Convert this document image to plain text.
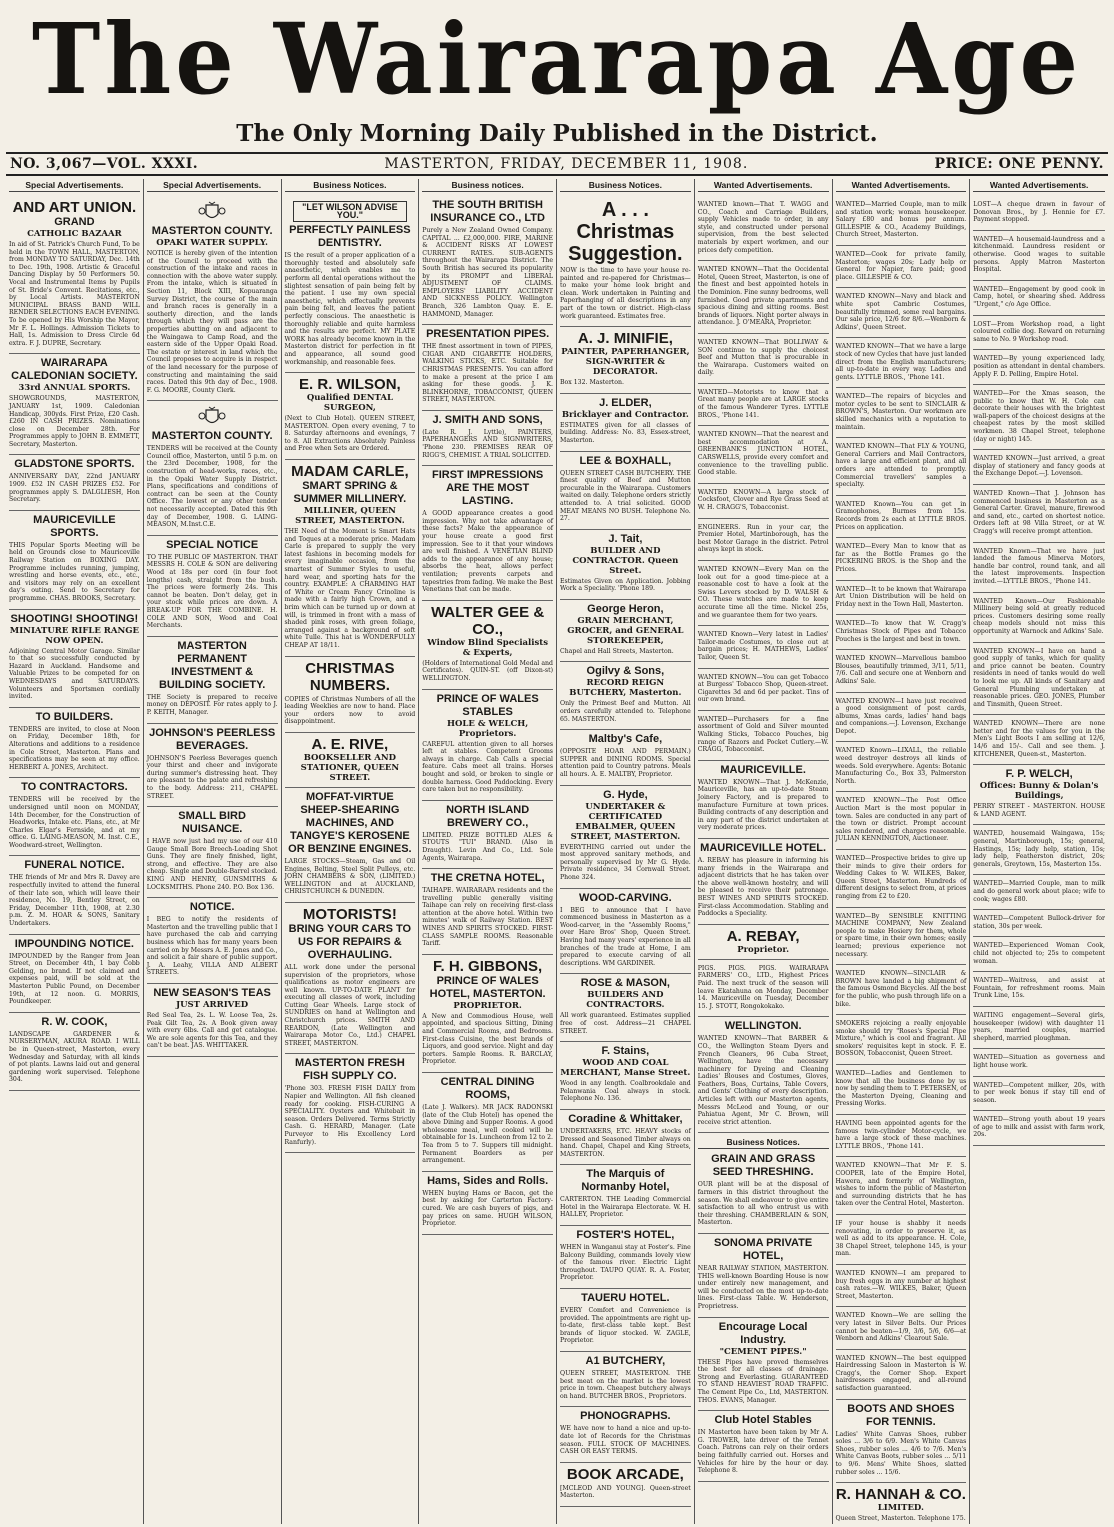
The Wairarapa Age
The Only Morning Daily Published in the District.
NO. 3,067—VOL. XXXI.	MASTERTON, FRIDAY, DECEMBER 11, 1908.	PRICE: ONE PENNY.
Special Advertisements.
AND ART UNION.
GRAND
CATHOLIC BAZAAR

In aid of St. Patrick's Church Fund, To be held in the TOWN HALL, MASTERTON, from MONDAY TO SATURDAY, Dec. 14th to Dec. 19th, 1908. Artistic & Graceful Dancing Display by 50 Performers 50. Vocal and Instrumental Items by Pupils of St. Bride's Convent. Recitations, etc., by Local Artists. MASTERTON MUNICIPAL BRASS BAND WILL RENDER SELECTIONS EACH EVENING. To be opened by His Worship the Mayor, Mr F. L. Hollings. Admission Tickets to Hall, 1s. Admission to Dress Circle 6d extra. F. J. DUPRE, Secretary.

WAIRARAPA CALEDONIAN SOCIETY.
33rd ANNUAL SPORTS.

SHOWGROUNDS, MASTERTON, JANUARY 1st, 1909. Caledonian Handicap, 300yds. First Prize, £20 Cash. £260 IN CASH PRIZES. Nominations close on December 28th. For Programmes apply to JOHN B. EMMETT, Secretary, Masterton.

GLADSTONE SPORTS.

ANNIVERSARY DAY, 22nd JANUARY 1909. £52 IN CASH PRIZES £52. For programmes apply S. DALGLIESH, Hon Secretary.

MAURICEVILLE SPORTS.

THIS Popular Sports Meeting will be held on Grounds close to Mauriceville Railway Station on BOXING DAY. Programme includes running, jumping, wrestling and horse events, etc., etc., and visitors may rely on an excellent day's outing. Send to Secretary for programme. CHAS. BROOKS, Secretary.

SHOOTING! SHOOTING!
MINIATURE RIFLE RANGE NOW OPEN.

Adjoining Central Motor Garage. Similar to that so successfully conducted by Hazard in Auckland. Handsome and Valuable Prizes to be competed for on WEDNESDAYS and SATURDAYS. Volunteers and Sportsmen cordially invited.

TO BUILDERS.

TENDERS are invited, to close at Noon on Friday, December 18th, for Alterations and additions to a residence in Cole Street, Masterton. Plans and specifications may be seen at my office. HERBERT A. JONES, Architect.

TO CONTRACTORS.

TENDERS will be received by the undersigned until noon on MONDAY, 14th December, for the Construction of Headworks, Intake etc. Plans, etc., at Mr Charles Elgar's Fernside, and at my office. G. LAING-MEASON, M. Inst. C.E., Woodward-street, Wellington.

FUNERAL NOTICE.

THE friends of Mr and Mrs R. Davey are respectfully invited to attend the funeral of their late son, which will leave their residence, No. 19, Bentley Street, on Friday, December 11th, 1908, at 2.30 p.m. Z. M. HOAR & SONS, Sanitary Undertakers.

IMPOUNDING NOTICE.

IMPOUNDED by the Ranger from Jean Street, on December 4th, 1 bay Cobb Gelding, no brand. If not claimed and expenses paid, will be sold at the Masterton Public Pound, on December 19th, at 12 noon. G. MORRIS, Poundkeeper.

R. W. COOK,

LANDSCAPE GARDENER & NURSERYMAN, AKURA ROAD. I WILL be in Queen-street, Masterton, every Wednesday and Saturday, with all kinds of pot plants. Lawns laid out and general gardening work supervised. Telephone 304.

Special Advertisements.
MASTERTON COUNTY.
OPAKI WATER SUPPLY.

NOTICE is hereby given of the intention of the Council to proceed with the construction of the intake and races in connection with the above water supply. From the intake, which is situated in Section 11, Block XIII, Kopuaranga Survey District, the course of the main and branch races is generally in a southerly direction, and the lands through which they will pass are the properties abutting on and adjacent to the Waingawa to Camp Road, and the eastern side of the Upper Opaki Road. The estate or interest in land which the Council proposes to acquire is in respect of the land necessary for the purpose of constructing and maintaining the said races. Dated this 9th day of Dec., 1908. F. G. MOORE, County Clerk.

MASTERTON COUNTY.

TENDERS will be received at the County Council office, Masterton, until 5 p.m. on the 23rd December, 1908, for the construction of head-works, races, etc., in the Opaki Water Supply District. Plans, specifications and conditions of contract can be seen at the County Office. The lowest or any other tender not necessarily accepted. Dated this 9th day of December, 1908. G. LAING-MEASON, M.Inst.C.E.

SPECIAL NOTICE

TO THE PUBLIC OF MASTERTON. THAT MESSRS H. COLE & SON are delivering Wood at 18s per cord (in four foot lengths) cash, straight from the bush. The prices were formerly 24s. This cannot be beaten. Don't delay, get in your stock while prices are down. A BREAK-UP FOR THE COMBINE. H. COLE AND SON, Wood and Coal Merchants.

MASTERTON PERMANENT INVESTMENT & BUILDING SOCIETY.

THE Society is prepared to receive money on DEPOSIT. For rates apply to J. P. KEITH, Manager.

JOHNSON'S PEERLESS BEVERAGES.

JOHNSON'S Peerless Beverages quench your thirst and cheer and invigorate during summer's distressing heat. They are pleasant to the palate and refreshing to the body. Address: 211, CHAPEL STREET.

SMALL BIRD NUISANCE.

I HAVE now just had my use of our 410 Gauge Small Bore Breech-Loading Shot Guns. They are finely finished, light, strong, and effective. They are also cheap. Single and Double-Barrel stocked. KING AND HENRY, GUNSMITHS & LOCKSMITHS. Phone 240. P.O. Box 136.

NOTICE.

I BEG to notify the residents of Masterton and the travelling public that I have purchased the cab and carrying business which has for many years been carried on by Messrs A. E. Jones and Co., and solicit a fair share of public support. J. A. Leahy, VILLA AND ALBERT STREETS.

NEW SEASON'S TEAS
JUST ARRIVED

Red Seal Tea, 2s. L. W. Loose Tea, 2s. Peak Gilt Tea, 2s. A Book given away with every 6lbs. Call and get catalogue. We are sole agents for this Tea, and they can't be beat. JAS. WHITTAKER.

Business Notices.
"LET WILSON ADVISE YOU."
PERFECTLY PAINLESS DENTISTRY.

IS the result of a proper application of a thoroughly tested and absolutely safe anaesthetic, which enables me to perform all dental operations without the slightest sensation of pain being felt by the patient. I use my own special anaesthetic, which effectually prevents pain being felt, and leaves the patient perfectly conscious. The anaesthetic is thoroughly reliable and quite harmless and the results are perfect. MY PLATE WORK has already become known in the Masterton district for perfection in fit and appearance, all sound good workmanship, and reasonable fees.

E. R. WILSON,
Qualified DENTAL SURGEON,

(Next to Club Hotel). QUEEN STREET, MASTERTON. Open every evening, 7 to 8. Saturday afternoons and evenings, 7 to 8. All Extractions Absolutely Painless and Free when Sets are Ordered.

MADAM CARLE,
SMART SPRING & SUMMER MILLINERY.
MILLINER, QUEEN STREET, MASTERTON.

THE Need of the Moment is Smart Hats and Toques at a moderate price. Madam Carle is prepared to supply the very latest fashions in becoming models for every imaginable occasion, from the smartest of Summer Styles to useful, hard wear, and sporting hats for the country. EXAMPLE: A CHARMING HAT of White or Cream Fancy Crinoline is made with a fairly high Crown, and a brim which can be turned up or down at will, is trimmed in front with a mass of shaded pink roses, with green foliage, arranged against a background of soft white Tulle. This hat is WONDERFULLY CHEAP AT 18/11.

CHRISTMAS NUMBERS.

COPIES of Christmas Numbers of all the leading Weeklies are now to hand. Place your orders now to avoid disappointment.

A. E. RIVE,
BOOKSELLER AND STATIONER, QUEEN STREET.
MOFFAT-VIRTUE SHEEP-SHEARING MACHINES, AND TANGYE'S KEROSENE OR BENZINE ENGINES.

LARGE STOCKS—Steam, Gas and Oil Engines, Belting, Steel Split Pulleys, etc. JOHN CHAMBERS & SON, (LIMITED.) WELLINGTON and at AUCKLAND, CHRISTCHURCH & DUNEDIN.

MOTORISTS!
BRING YOUR CARS TO US FOR REPAIRS & OVERHAULING.

ALL work done under the personal supervision of the proprietors, whose qualifications as motor engineers are well known. UP-TO-DATE PLANT for executing all classes of work, including Cutting Gear Wheels. Large stock of SUNDRIES on hand at Wellington and Christchurch prices. SMITH AND REARDON, (Late Wellington and Wairarapa Motor Co., Ltd.) CHAPEL STREET, MASTERTON.

MASTERTON FRESH FISH SUPPLY CO.

'Phone 303. FRESH FISH DAILY from Napier and Wellington. All fish cleaned ready for cooking. FISH-CURING A SPECIALITY. Oysters and Whitebait in season. Orders Delivered. Terms Strictly Cash. G. HERARD, Manager. (Late Purveyor to His Excellency Lord Ranfurly).

Business notices.
THE SOUTH BRITISH INSURANCE CO., LTD

Purely a New Zealand Owned Company. CAPITAL ... £2,000,000. FIRE, MARINE & ACCIDENT RISKS AT LOWEST CURRENT RATES. SUB-AGENTS throughout the Wairarapa District. The South British has secured its popularity by its PROMPT and LIBERAL ADJUSTMENT OF CLAIMS. EMPLOYERS' LIABILITY ACCIDENT AND SICKNESS POLICY. Wellington Branch, 326 Lambton Quay. E. E. HAMMOND, Manager.

PRESENTATION PIPES.

THE finest assortment in town of PIPES, CIGAR AND CIGARETTE HOLDERS, WALKING STICKS, ETC. Suitable for CHRISTMAS PRESENTS. You can afford to make a present at the price I am asking for these goods. J. K. BLINKHORNE, TOBACCONIST, QUEEN STREET, MASTERTON.

J. SMITH AND SONS,

(Late R. J. Lyttle), PAINTERS, PAPERHANGERS AND SIGNWRITERS, 'Phone 230. PREMISES REAR OF RIGG'S, CHEMIST. A TRIAL SOLICITED.

FIRST IMPRESSIONS ARE THE MOST LASTING.

A GOOD appearance creates a good impression. Why not take advantage of these facts? Make the appearance of your house create a good first impression. See to it that your windows are well finished. A VENETIAN BLIND adds to the appearance of any house; absorbs the heat, allows perfect ventilation; prevents carpets and tapestries from fading. We make the Best Venetians that can be made.

WALTER GEE & CO.,
Window Blind Specialists & Experts,

(Holders of International Gold Medal and Certificates). QUIN-ST. (off Dixon-st) WELLINGTON.

PRINCE OF WALES STABLES
HOLE & WELCH, Proprietors.

CAREFUL attention given to all horses left at stables. Competent Grooms always in charge. Cab Calls a special feature. Cabs meet all trains. Horses bought and sold, or broken to single or double harness. Good Paddocking. Every care taken but no responsibility.

NORTH ISLAND BREWERY CO.,

LIMITED. PRIZE BOTTLED ALES & STOUTS "TUI" BRAND. (Also in Draught). Levin And Co., Ltd. Sole Agents, Wairarapa.

THE CRETNA HOTEL,

TAIHAPE. WAIRARAPA residents and the travelling public generally visiting Taihape can rely on receiving first-class attention at the above hotel. Within two minutes' walk of Railway Station. BEST WINES AND SPIRITS STOCKED. FIRST-CLASS SAMPLE ROOMS. Reasonable Tariff.

F. H. GIBBONS,
PRINCE OF WALES HOTEL, MASTERTON.
PROPRIETOR.

A New and Commodious House, well appointed, and spacious Sitting, Dining and Commercial Rooms, and Bedrooms. First-class Cuisine, the best brands of Liquors, and good service. Night and day porters. Sample Rooms. R. BARCLAY, Proprietor.

CENTRAL DINING ROOMS,

(Late J. Walkers). MR JACK RADONSKI (late of the Club Hotel) has opened the above Dining and Supper Rooms. A good wholesome meal, well cooked will be obtainable for 1s. Luncheon from 12 to 2. Tea from 5 to 7. Suppers till midnight. Permanent Boarders as per arrangement.

Hams, Sides and Rolls.

WHEN buying Hams or Bacon, get the best by asking for Carterton Factory-cured. We are cash buyers of pigs, and pay prices on same. HUGH WILSON, Proprietor.

Business Notices.
A . . . Christmas Suggestion.

NOW is the time to have your house re-painted and re-papered for Christmas—to make your home look bright and clean. Work undertaken in Painting and Paperhanging of all descriptions in any part of the town or district. High-class work guaranteed. Estimates free.

A. J. MINIFIE,
PAINTER, PAPERHANGER, SIGN-WRITER & DECORATOR.

Box 132. Masterton.

J. ELDER,
Bricklayer and Contractor.

ESTIMATES given for all classes of building. Address: No. 83, Essex-street, Masterton.

LEE & BOXHALL,

QUEEN STREET CASH BUTCHERY. THE finest quality of Beef and Mutton procurable in the Wairarapa. Customers waited on daily. Telephone orders strictly attended to. A trial solicited. GOOD MEAT MEANS NO BUSH. Telephone No. 27.

J. Tait,
BUILDER AND CONTRACTOR. Queen Street.

Estimates Given on Application. Jobbing Work a Speciality. 'Phone 189.

George Heron,
GRAIN MERCHANT, GROCER, and GENERAL STOREKEEPER,

Chapel and Hall Streets, Masterton.

Ogilvy & Sons,
RECORD REIGN BUTCHERY, Masterton.

Only the Primest Beef and Mutton. All orders carefully attended to. Telephone 65. MASTERTON.

Maltby's Cafe,

(OPPOSITE HOAR AND PERMAIN.) SUPPER and DINING ROOMS. Special attention paid to Country patrons. Meals all hours. A. E. MALTBY, Proprietor.

G. Hyde,
UNDERTAKER & CERTIFICATED EMBALMER, QUEEN STREET, MASTERTON.

EVERYTHING carried out under the most approved sanitary methods, and personally supervised by Mr G. Hyde. Private residence, 34 Cornwall Street. Phone 324.

WOOD-CARVING.

I BEG to announce that I have commenced business in Masterton as a Wood-carver, in the "Assembly Rooms," over Hare Bros' Shop, Queen Street. Having had many years' experience in all branches of the trade at Home, I am prepared to execute carving of all descriptions. WM GARDINER.

ROSE & MASON,
BUILDERS AND CONTRACTORS.

All work guaranteed. Estimates supplied free of cost. Address—21 CHAPEL STREET.

F. Stains,
WOOD AND COAL MERCHANT, Manse Street.

Wood in any length. Coalbrookdale and Pelanwania Coal always in stock. Telephone No. 136.

Coradine & Whittaker,

UNDERTAKERS, ETC. HEAVY stocks of Dressed and Seasoned Timber always on hand. Chapel, Chapel and King Streets, MASTERTON.

The Marquis of Normanby Hotel,

CARTERTON. THE Leading Commercial Hotel in the Wairarapa Electorate. W. H. HALLEY, Proprietor.

FOSTER'S HOTEL,

WHEN in Wanganui stay at Foster's. Fine Balcony Building, commands lovely view of the famous river. Electric Light throughout. TAUPO QUAY. R. A. Foster, Proprietor.

TAUERU HOTEL.

EVERY Comfort and Convenience is provided. The appointments are right up-to-date, first-class table kept. Best brands of liquor stocked. W. ZAGLE, Proprietor.

A1 BUTCHERY,

QUEEN STREET, MASTERTON. THE best meat on the market is the lowest price in town. Cheapest butchery always on hand. BUTCHER BROS., Proprietors.

PHONOGRAPHS.

WE have now to hand a nice and up-to-date lot of Records for the Christmas season. FULL STOCK OF MACHINES. CASH OR EASY TERMS.

BOOK ARCADE,

[MCLEOD AND YOUNG]. Queen-street Masterton.

Wanted Advertisements.

WANTED known—That T. WAGG and CO., Coach and Carriage Builders, supply Vehicles made to order, in any style, and constructed under personal supervision, from the best selected materials by expert workmen, and our prices defy competition.

WANTED KNOWN—That the Occidental Hotel, Queen Street, Masterton, is one of the finest and best appointed hotels in the Dominion. Fine sunny bedrooms, well furnished. Good private apartments and spacious dining and sitting rooms. Best brands of liquors. Night porter always in attendance. J. O'MEARA, Proprietor.

WANTED KNOWN—That BOLLIWAY & SON continue to supply the choicest Beef and Mutton that is procurable in the Wairarapa. Customers waited on daily.

WANTED—Motorists to know that a Great many people are at LARGE stocks of the famous Wanderer Tyres. LYTTLE BROS., 'Phone 141.

WANTED KNOWN—That the nearest and best accommodation at A. GREENBANK'S JUNCTION HOTEL, CARSWELLS, provide every comfort and convenience to the travelling public. Good stable.

WANTED KNOWN—A large stock of Cocksfoot, Clover and Rye Grass Seed at W. H. CRAGG'S, Tobacconist.

ENGINEERS. Run in your car, the Premier Hotel, Martinborough, has the best Motor Garage in the district. Petrol always kept in stock.

WANTED KNOWN—Every Man on the look out for a good time-piece at a reasonable cost to have a look at the Swiss Levers stocked by D. WALSH & CO. These watches are made to keep accurate time all the time. Nickel 25s, and we guarantee them for two years.

WANTED Known—Very latest in Ladies' Tailor-made Costumes, to close out at bargain prices; H. MATHEWS, Ladies' Tailor, Queen St.

WANTED KNOWN—You can get Tobacco at Burgess' Tobacco Shop, Queen-street. Cigarettes 3d and 6d per packet. Tins of our own brand.

WANTED—Purchasers for a fine assortment of Gold and Silver mounted Walking Sticks, Tobacco Pouches, big range of Razors and Pocket Cutlery.—W. CRAGG, Tobacconist.

MAURICEVILLE.

WANTED KNOWN—That J. McKenzie, Mauriceville, has an up-to-date Steam Joinery Factory, and is prepared to manufacture Furniture at town prices. Building contracts of any description and in any part of the district undertaken at very moderate prices.

MAURICEVILLE HOTEL.

A. REBAY has pleasure in informing his many friends in the Wairarapa and adjacent districts that he has taken over the above well-known hostelry, and will be pleased to receive their patronage. BEST WINES AND SPIRITS STOCKED. First-class Accommodation. Stabling and Paddocks a Speciality.

A. REBAY,
Proprietor.

PIGS. PIGS. PIGS. WAIRARAPA FARMERS' CO., LTD., Highest Prices Paid. The next truck of the season will leave Ekatahuna on Monday, December 14. Mauriceville on Tuesday, December 15. J. STOTT, Rongokokako.

WELLINGTON.

WANTED KNOWN—That BARBER & CO., the Wellington Steam Dyers and French Cleaners, 96 Cuba Street, Wellington, have the necessary machinery for Dyeing and Cleaning Ladies' Blouses and Costumes, Gloves, Feathers, Boas, Curtains, Table Covers, and Gents' Clothing of every description. Articles left with our Masterton agents, Messrs McLeod and Young, or our Pahiatua Agent, Mr C. Brown, will receive strict attention.

Business Notices.
GRAIN AND GRASS SEED THRESHING.

OUR plant will be at the disposal of farmers in this district throughout the season. We shall endeavour to give entire satisfaction to all who entrust us with their threshing. CHAMBERLAIN & SON, Masterton.

SONOMA PRIVATE HOTEL,

NEAR RAILWAY STATION, MASTERTON. THIS well-known Boarding House is now under entirely new management, and will be conducted on the most up-to-date lines. First-class Table. W. Henderson, Proprietress.

Encourage Local Industry.
"CEMENT PIPES."

THESE Pipes have proved themselves the best for all classes of drainage. Strong and Everlasting. GUARANTEED TO STAND HEAVIEST ROAD TRAFFIC. The Cement Pipe Co., Ltd, MASTERTON. THOS. EVANS, Manager.

Club Hotel Stables

IN Masterton have been taken by Mr A. G. TROWER, late driver of the Tennet Coach. Patrons can rely on their orders being faithfully carried out. Horses and Vehicles for hire by the hour or day. Telephone 8.

Wanted Advertisements.

WANTED—Married Couple, man to milk and station work; woman housekeeper. Salary £80 and bonus per annum. GILLESPIE & CO., Academy Buildings, Church Street, Masterton.

WANTED—Cook for private family, Masterton; wages 20s; Lady help or General for Napier, fare paid; good place. GILLESPIE & CO.

WANTED KNOWN—Navy and black and white spot Cambric Costumes, beautifully trimmed, some real bargains. Our sale price, 12/6 for 8/6.—Wenborn & Adkins', Queen Street.

WANTED KNOWN—That we have a large stock of new Cycles that have just landed direct from the English manufacturers; all up-to-date in every way. Ladies and gents. LYTTLE BROS., 'Phone 141.

WANTED—The repairs of bicycles and motor cycles to be sent to SINCLAIR & BROWN'S, Masterton. Our workmen are skilled mechanics with a reputation to maintain.

WANTED KNOWN—That FLY & YOUNG, General Carriers and Mail Contractors, have a large and efficient plant, and all orders are attended to promptly. Commercial travellers' samples a specialty.

WANTED Known—You can get in Gramophones, Burmes from 15s. Records from 2s each at LYTTLE BROS. Prices on application.

WANTED—Every Man to know that as far as the Bottle Frames go the PICKERING BROS. is the Shop and the Prices.

WANTED—It to be known that Wairarapa Art Union Distribution will be held on Friday next in the Town Hall, Masterton.

WANTED—To know that W. Cragg's Christmas Stock of Pipes and Tobacco Pouches is the largest and best in town.

WANTED KNOWN—Marvellous bamboo Blouses, beautifully trimmed, 3/11, 5/11, 7/6. Call and secure one at Wenborn and Adkins' Sale.

WANTED KNOWN—I have just received a good consignment of post cards, albums, Xmas cards, ladies' hand bags and companions.—J. Lovenson, Exchange Depot.

WANTED Known—LIXALL, the reliable weed destroyer destroys all kinds of weeds. Sold everywhere. Agents: Botanic Manufacturing Co., Box 33, Palmerston North.

WANTED KNOWN—The Post Office Auction Mart is the most popular in town. Sales are conducted in any part of the town or district. Prompt account sales rendered, and charges reasonable. JULIAN KENNINGTON, Auctioneer.

WANTED—Prospective brides to give up their minds to give their orders for Wedding Cakes to W. WILKES, Baker, Queen Street, Masterton. Hundreds of different designs to select from, at prices ranging from £2 to £20.

WANTED—By SENSIBLE KNITTING MACHINE COMPANY, New Zealand people to make Hosiery for them, whole or spare time, in their own homes; easily learned; previous experience not necessary.

WANTED KNOWN—SINCLAIR & BROWN have landed a big shipment of the famous Osmond Bicycles. All the best for the public, who push through life on a bike.

SMOKERS rejoicing a really enjoyable smoke should try "Roses's Special Pipe Mixture," which is cool and fragrant. All smokers' requisites kept in stock. F. E. BOSSON, Tobacconist, Queen Street.

WANTED—Ladies and Gentlemen to know that all the business done by us now by sending them to T. PETERSEN, of the Masterton Dyeing, Cleaning and Pressing Works.

HAVING been appointed agents for the famous twin-cylinder Motor-cycle, we have a large stock of these machines. LYTTLE BROS., 'Phone 141.

WANTED KNOWN—That Mr F. S. COOPER, late of the Empire Hotel, Hawera, and formerly of Wellington, wishes to inform the public of Masterton and surrounding districts that he has taken over the Central Hotel, Masterton.

IF your house is shabby it needs renovating, in order to preserve it, as well as add to its appearance. H. Cole, 38 Chapel Street, telephone 145, is your man.

WANTED KNOWN—I am prepared to buy fresh eggs in any number at highest cash rates.—W. WILKES, Baker, Queen Street, Masterton.

WANTED Known—We are selling the very latest in Silver Belts. Our Prices cannot be beaten—1/9, 3/6, 5/6, 6/6—at Wenborn and Adkins' Clearout Sale.

WANTED KNOWN—The best equipped Hairdressing Saloon in Masterton is W. Cragg's, the Corner Shop. Expert hairdressers engaged, and all-round satisfaction guaranteed.

BOOTS AND SHOES FOR TENNIS.

Ladies' White Canvas Shoes, rubber soles ... 3/6 to 6/9. Men's White Canvas Shoes, rubber soles ... 4/6 to 7/6. Men's White Canvas Boots, rubber soles ... 5/11 to 9/6. Mens' White Shoes, slatted rubber soles ... 15/6.

R. HANNAH & CO.
LIMITED.

Queen Street, Masterton. Telephone 175.

Wanted Advertisements.

LOST—A cheque drawn in favour of Donovan Bros., by J. Hennie for £7. Payment stopped.

WANTED—A housemaid-laundress and a kitchenmaid. Laundress resident or otherwise. Good wages to suitable persons. Apply Matron Masterton Hospital.

WANTED—Engagement by good cook in Camp, hotel, or shearing shed. Address "Urgent," c/o Age Office.

LOST—From Workshop road, a light coloured collie dog. Reward on returning same to No. 9 Workshop road.

WANTED—By young experienced lady, position as attendant in dental chambers. Apply F. D. Pelling, Empire Hotel.

WANTED—For the Xmas season, the public to know that W. H. Cole can decorate their houses with the brightest wall-papers of the choicest designs at the cheapest rates by the most skilled workmen. 38 Chapel Street, telephone (day or night) 145.

WANTED KNOWN—Just arrived, a great display of stationery and fancy goods at the Exchange Depot.—J. Lovenson.

WANTED Known—That J. Johnson has commenced business in Masterton as a General Carter. Gravel, manure, firewood and sand, etc., carted on shortest notice. Orders left at 98 Villa Street, or at W. Cragg's will receive prompt attention.

WANTED Known—That we have just landed the famous Minerva Motors, handle bar control, round tank, and all the latest improvements. Inspection invited.—LYTTLE BROS., 'Phone 141.

WANTED Known—Our Fashionable Millinery being sold at greatly reduced prices. Customers desiring some really cheap models should not miss this opportunity at Warnock and Adkins' Sale.

WANTED KNOWN—I have on hand a good supply of tanks, which for quality and price cannot be beaten. Country residents in need of tanks would do well to look me up. All kinds of Sanitary and General Plumbing undertaken at reasonable prices. GEO. JONES, Plumber and Tinsmith, Queen Street.

WANTED KNOWN—There are none better and for the values for you in the Men's Light Boots I am selling at 12/6, 14/6 and 15/-. Call and see them. J. KITCHENER, Queen-st., Masterton.

F. P. WELCH,
Offices: Bunny & Dolan's Buildings,

PERRY STREET - MASTERTON. HOUSE & LAND AGENT.

WANTED, housemaid Waingawa, 15s; general, Martinborough, 15s; general, Hastings, 15s; lady help, station, 15s; lady help, Featherston district, 20s; generals, Greytown, 15s, Masterton 15s.

WANTED—Married Couple, man to milk and do general work about place; wife to cook; wages £80.

WANTED—Competent Bullock-driver for station, 30s per week.

WANTED—Experienced Woman Cook, child not objected to; 25s to competent woman.

WANTED—Waitress, and assist at Fountain, for refreshment rooms. Main Trunk Line, 15s.

WAITING engagement—Several girls, housekeeper (widow) with daughter 11 years, married couples, married shepherd, married ploughman.

WANTED—Situation as governess and light house work.

WANTED—Competent milker, 20s, with to per week bonus if stay till end of season.

WANTED—Strong youth about 19 years of age to milk and assist with farm work, 20s.
